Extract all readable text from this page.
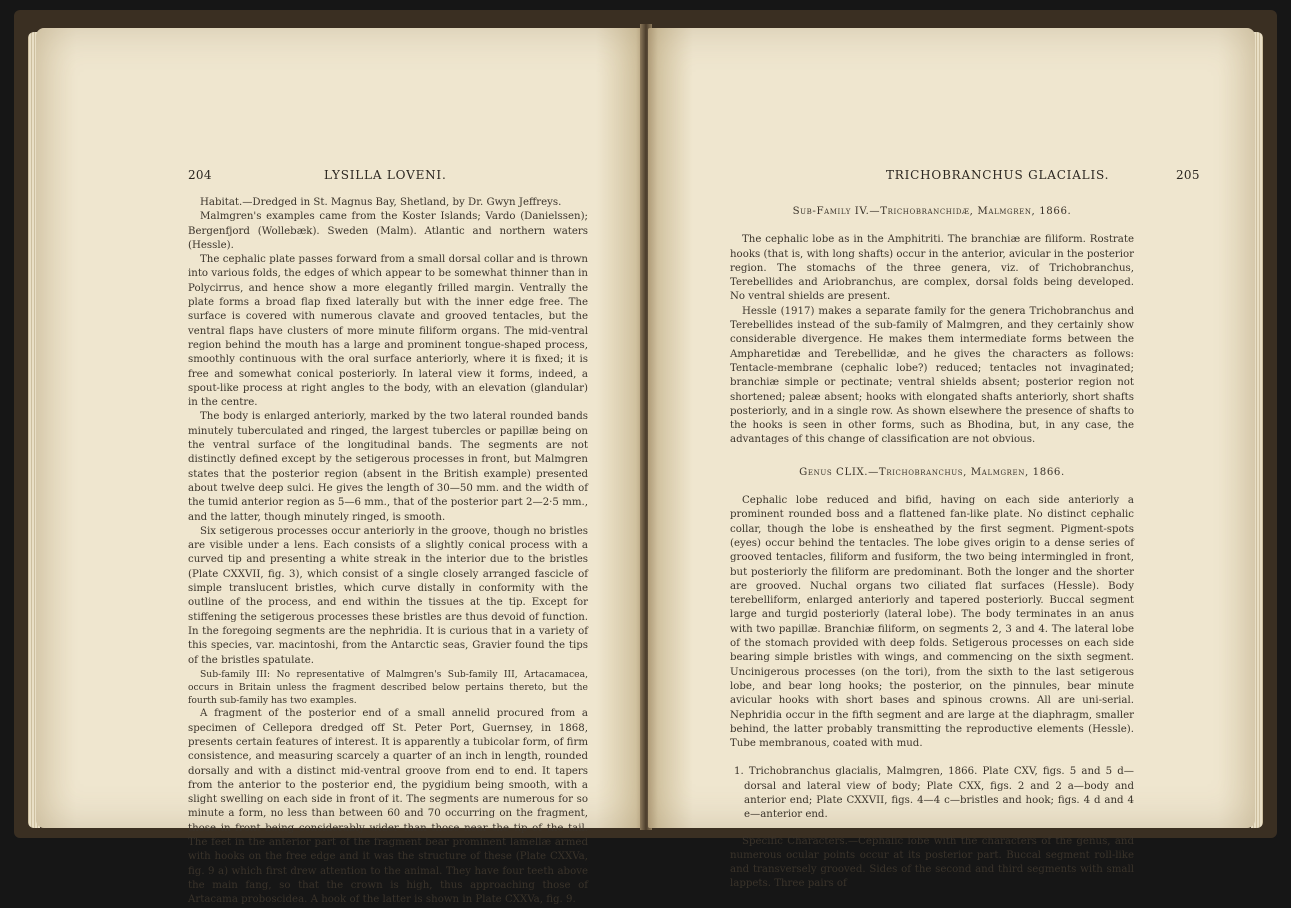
204	LYSILLA LOVENI.

Habitat.—Dredged in St. Magnus Bay, Shetland, by Dr. Gwyn Jeffreys.

Malmgren's examples came from the Koster Islands; Vardo (Danielssen); Bergenfjord (Wollebæk). Sweden (Malm). Atlantic and northern waters (Hessle).

The cephalic plate passes forward from a small dorsal collar and is thrown into various folds, the edges of which appear to be somewhat thinner than in Polycirrus, and hence show a more elegantly frilled margin. Ventrally the plate forms a broad flap fixed laterally but with the inner edge free. The surface is covered with numerous clavate and grooved tentacles, but the ventral flaps have clusters of more minute filiform organs. The mid-ventral region behind the mouth has a large and prominent tongue-shaped process, smoothly continuous with the oral surface anteriorly, where it is fixed; it is free and somewhat conical posteriorly. In lateral view it forms, indeed, a spout-like process at right angles to the body, with an elevation (glandular) in the centre.

The body is enlarged anteriorly, marked by the two lateral rounded bands minutely tuberculated and ringed, the largest tubercles or papillæ being on the ventral surface of the longitudinal bands. The segments are not distinctly defined except by the setigerous processes in front, but Malmgren states that the posterior region (absent in the British example) presented about twelve deep sulci. He gives the length of 30—50 mm. and the width of the tumid anterior region as 5—6 mm., that of the posterior part 2—2·5 mm., and the latter, though minutely ringed, is smooth.

Six setigerous processes occur anteriorly in the groove, though no bristles are visible under a lens. Each consists of a slightly conical process with a curved tip and presenting a white streak in the interior due to the bristles (Plate CXXVII, fig. 3), which consist of a single closely arranged fascicle of simple translucent bristles, which curve distally in conformity with the outline of the process, and end within the tissues at the tip. Except for stiffening the setigerous processes these bristles are thus devoid of function. In the foregoing segments are the nephridia. It is curious that in a variety of this species, var. macintoshi, from the Antarctic seas, Gravier found the tips of the bristles spatulate.

Sub-family III: No representative of Malmgren's Sub-family III, Artacamacea, occurs in Britain unless the fragment described below pertains thereto, but the fourth sub-family has two examples.

A fragment of the posterior end of a small annelid procured from a specimen of Cellepora dredged off St. Peter Port, Guernsey, in 1868, presents certain features of interest. It is apparently a tubicolar form, of firm consistence, and measuring scarcely a quarter of an inch in length, rounded dorsally and with a distinct mid-ventral groove from end to end. It tapers from the anterior to the posterior end, the pygidium being smooth, with a slight swelling on each side in front of it. The segments are numerous for so minute a form, no less than between 60 and 70 occurring on the fragment, those in front being considerably wider than those near the tip of the tail. The feet in the anterior part of the fragment bear prominent lamellæ armed with hooks on the free edge and it was the structure of these (Plate CXXVa, fig. 9 a) which first drew attention to the animal. They have four teeth above the main fang, so that the crown is high, thus approaching those of Artacama proboscidea. A hook of the latter is shown in Plate CXXVa, fig. 9.

TRICHOBRANCHUS GLACIALIS.	205

Sub-Family IV.—Trichobranchidæ, Malmgren, 1866.

The cephalic lobe as in the Amphitriti. The branchiæ are filiform. Rostrate hooks (that is, with long shafts) occur in the anterior, avicular in the posterior region. The stomachs of the three genera, viz. of Trichobranchus, Terebellides and Ariobranchus, are complex, dorsal folds being developed. No ventral shields are present.

Hessle (1917) makes a separate family for the genera Trichobranchus and Terebellides instead of the sub-family of Malmgren, and they certainly show considerable divergence. He makes them intermediate forms between the Ampharetidæ and Terebellidæ, and he gives the characters as follows: Tentacle-membrane (cephalic lobe?) reduced; tentacles not invaginated; branchiæ simple or pectinate; ventral shields absent; posterior region not shortened; paleæ absent; hooks with elongated shafts anteriorly, short shafts posteriorly, and in a single row. As shown elsewhere the presence of shafts to the hooks is seen in other forms, such as Bhodina, but, in any case, the advantages of this change of classification are not obvious.

Genus CLIX.—Trichobranchus, Malmgren, 1866.

Cephalic lobe reduced and bifid, having on each side anteriorly a prominent rounded boss and a flattened fan-like plate. No distinct cephalic collar, though the lobe is ensheathed by the first segment. Pigment-spots (eyes) occur behind the tentacles. The lobe gives origin to a dense series of grooved tentacles, filiform and fusiform, the two being intermingled in front, but posteriorly the filiform are predominant. Both the longer and the shorter are grooved. Nuchal organs two ciliated flat surfaces (Hessle). Body terebelliform, enlarged anteriorly and tapered posteriorly. Buccal segment large and turgid posteriorly (lateral lobe). The body terminates in an anus with two papillæ. Branchiæ filiform, on segments 2, 3 and 4. The lateral lobe of the stomach provided with deep folds. Setigerous processes on each side bearing simple bristles with wings, and commencing on the sixth segment. Uncinigerous processes (on the tori), from the sixth to the last setigerous lobe, and bear long hooks; the posterior, on the pinnules, bear minute avicular hooks with short bases and spinous crowns. All are uni-serial. Nephridia occur in the fifth segment and are large at the diaphragm, smaller behind, the latter probably transmitting the reproductive elements (Hessle). Tube membranous, coated with mud.

1. Trichobranchus glacialis, Malmgren, 1866. Plate CXV, figs. 5 and 5 d—dorsal and lateral view of body; Plate CXX, figs. 2 and 2 a—body and anterior end; Plate CXXVII, figs. 4—4 c—bristles and hook; figs. 4 d and 4 e—anterior end.

Specific Characters.—Cephalic lobe with the characters of the genus, and numerous ocular points occur at its posterior part. Buccal segment roll-like and transversely grooved. Sides of the second and third segments with small lappets. Three pairs of
